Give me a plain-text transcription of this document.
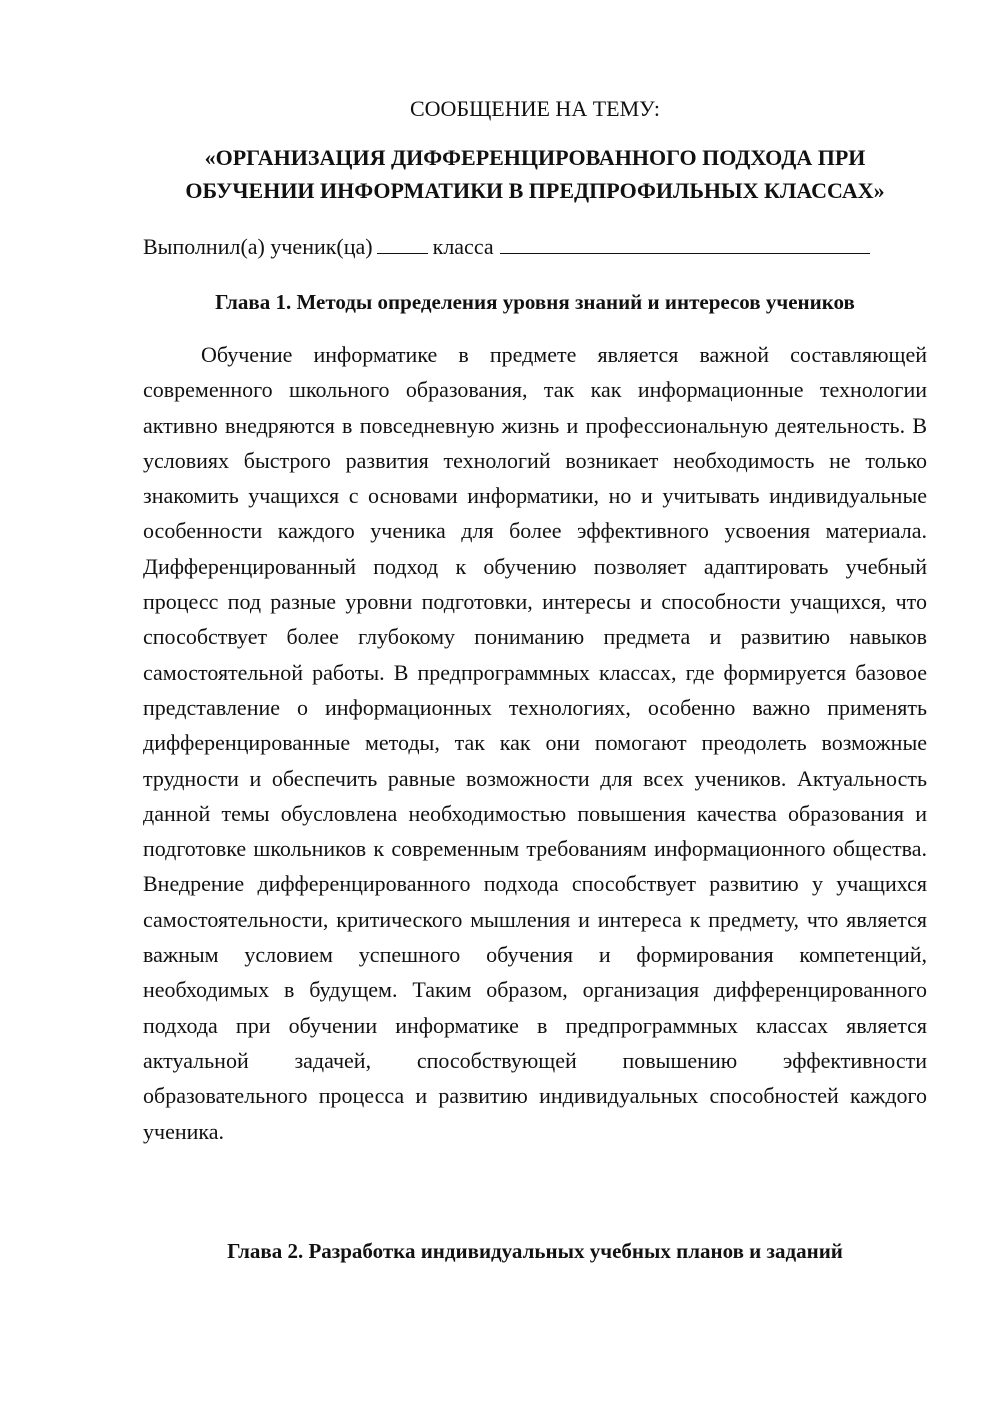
СООБЩЕНИЕ НА ТЕМУ:
«ОРГАНИЗАЦИЯ ДИФФЕРЕНЦИРОВАННОГО ПОДХОДА ПРИ
ОБУЧЕНИИ ИНФОРМАТИКИ В ПРЕДПРОФИЛЬНЫХ КЛАССАХ»
Выполнил(а) ученик(ца)	класса
Глава 1. Методы определения уровня знаний и интересов учеников

Обучение информатике в предмете является важной составляющей современного школьного образования, так как информационные технологии активно внедряются в повседневную жизнь и профессиональную деятельность. В условиях быстрого развития технологий возникает необходимость не только знакомить учащихся с основами информатики, но и учитывать индивидуальные особенности каждого ученика для более эффективного усвоения материала. Дифференцированный подход к обучению позволяет адаптировать учебный процесс под разные уровни подготовки, интересы и способности учащихся, что способствует более глубокому пониманию предмета и развитию навыков самостоятельной работы. В предпрограммных классах, где формируется базовое представление о информационных технологиях, особенно важно применять дифференцированные методы, так как они помогают преодолеть возможные трудности и обеспечить равные возможности для всех учеников. Актуальность данной темы обусловлена необходимостью повышения качества образования и подготовке школьников к современным требованиям информационного общества. Внедрение дифференцированного подхода способствует развитию у учащихся самостоятельности, критического мышления и интереса к предмету, что является важным условием успешного обучения и формирования компетенций, необходимых в будущем. Таким образом, организация дифференцированного подхода при обучении информатике в предпрограммных классах является актуальной задачей, способствующей повышению эффективности образовательного процесса и развитию индивидуальных способностей каждого ученика.

Глава 2. Разработка индивидуальных учебных планов и заданий
